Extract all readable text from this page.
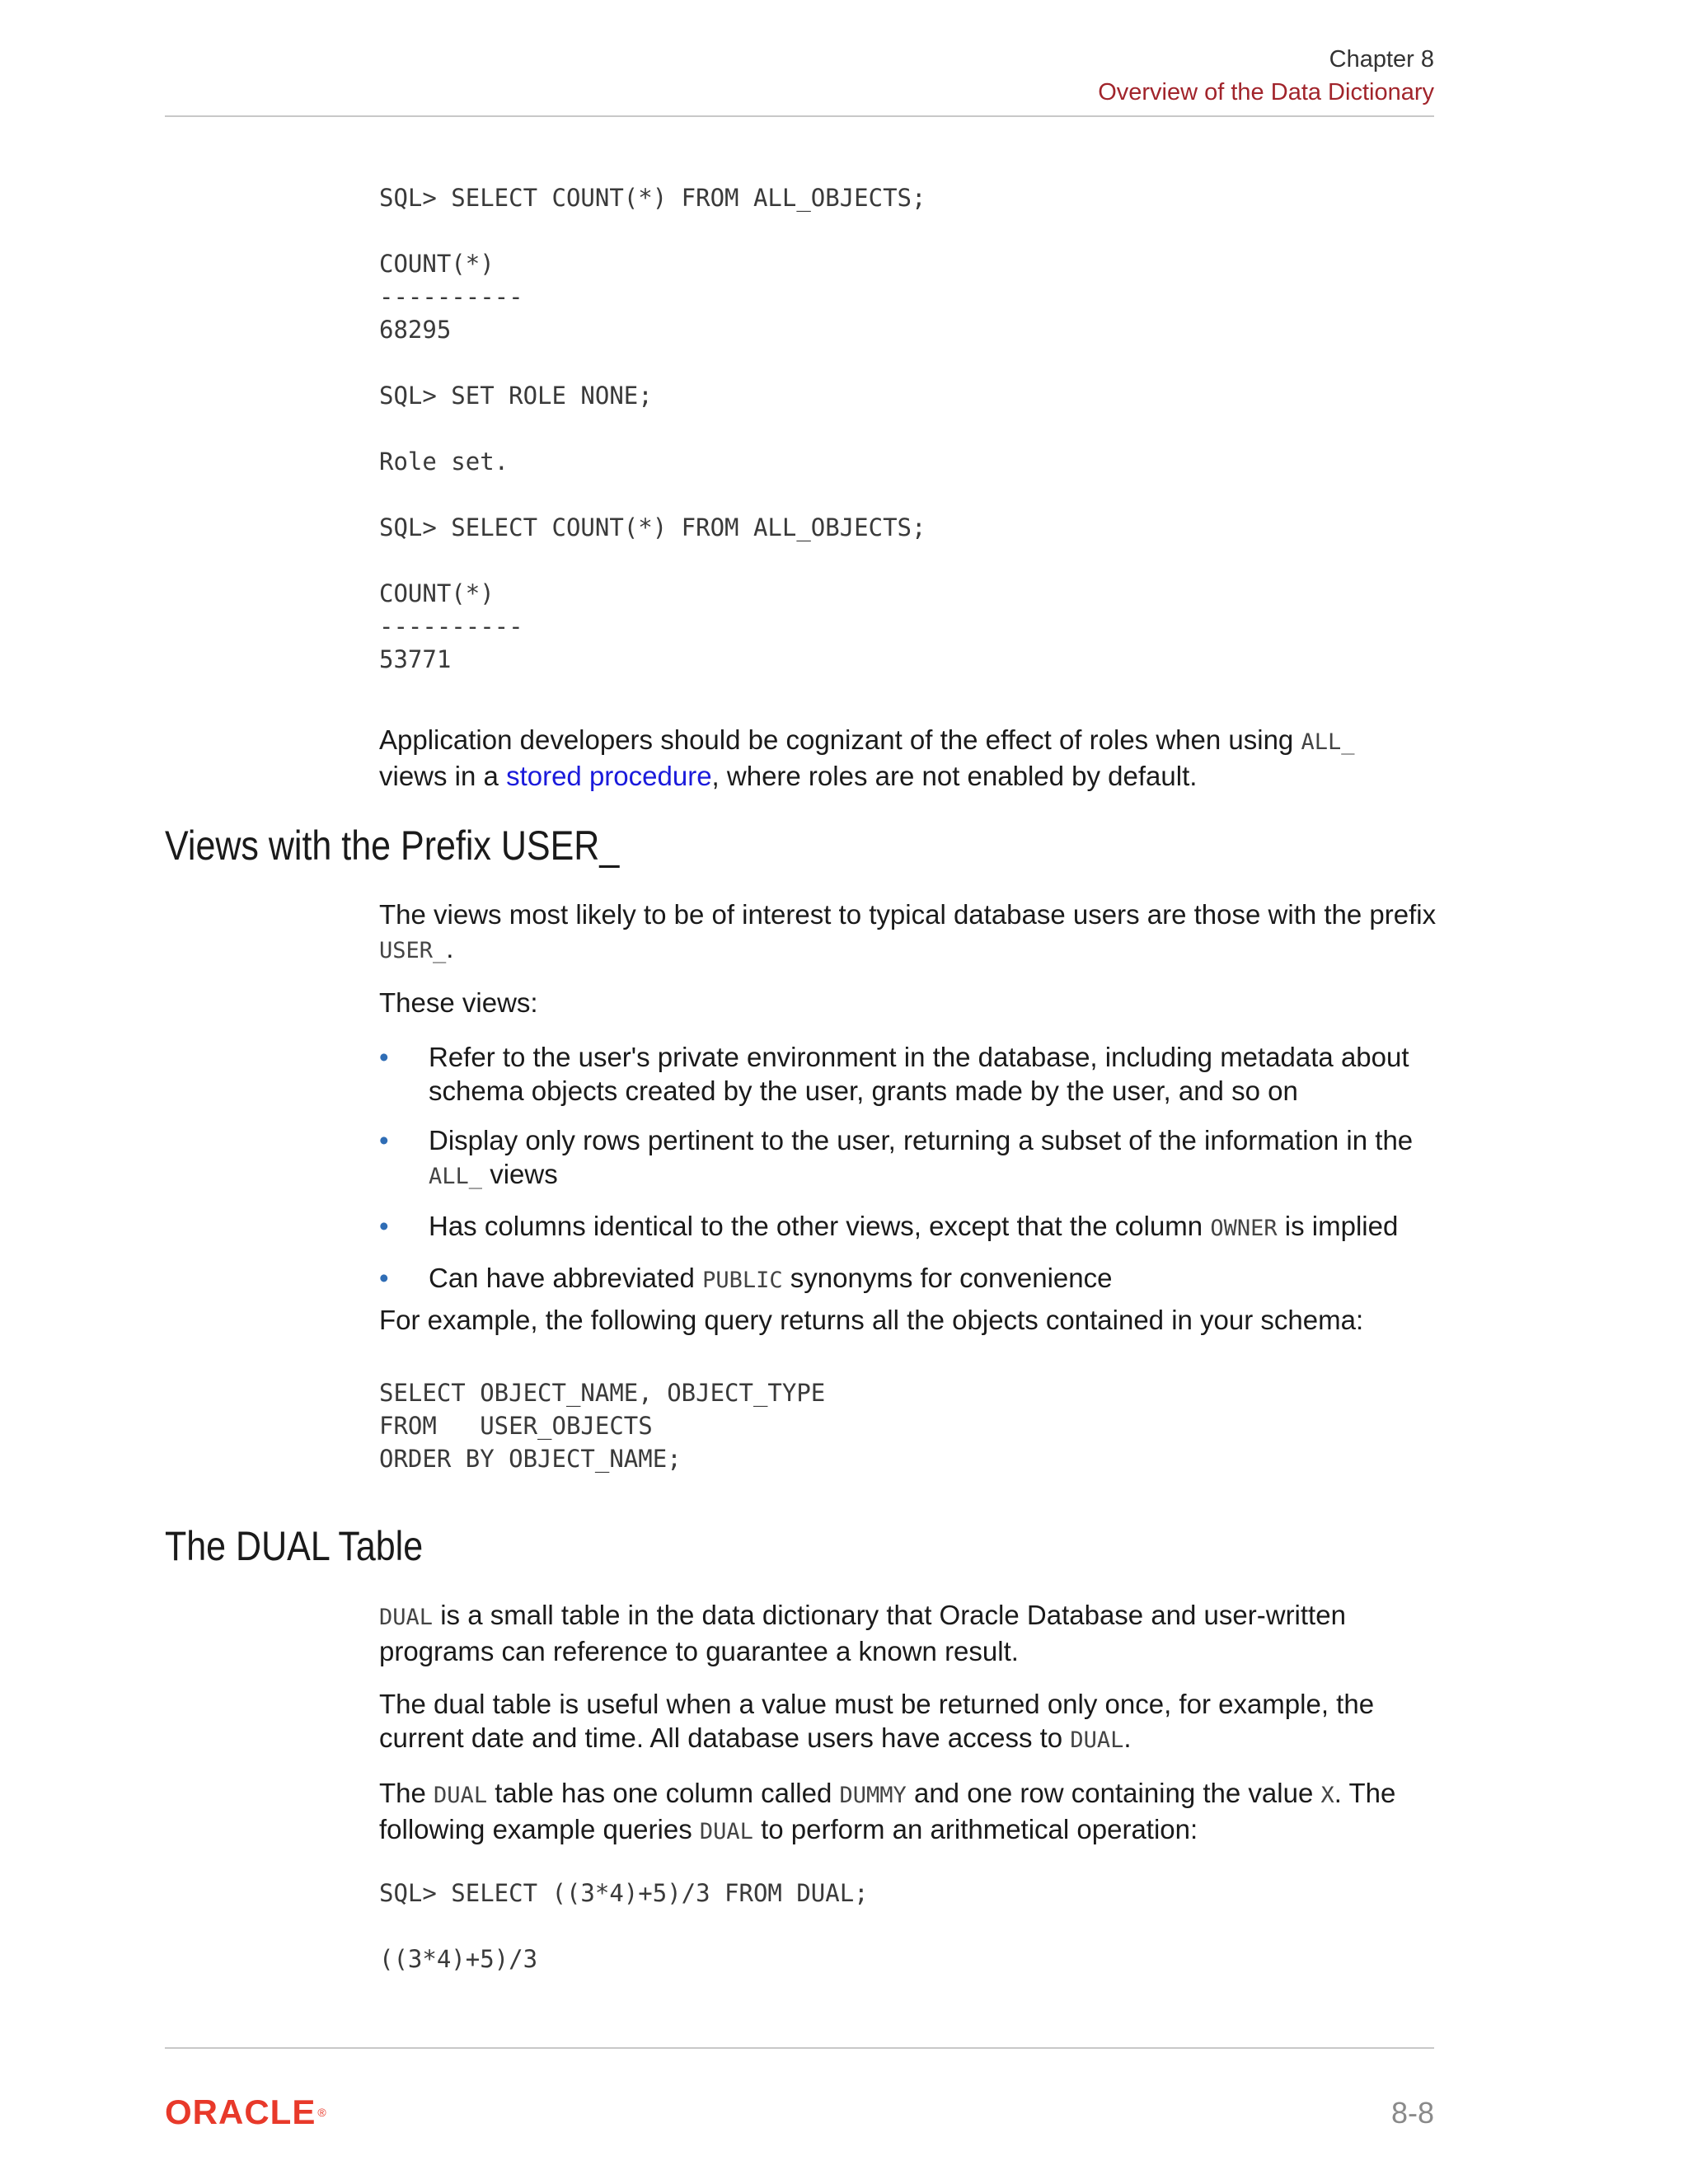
Chapter 8
Overview of the Data Dictionary
SQL> SELECT COUNT(*) FROM ALL_OBJECTS;

COUNT(*)
----------
68295

SQL> SET ROLE NONE;

Role set.

SQL> SELECT COUNT(*) FROM ALL_OBJECTS;

COUNT(*)
----------
53771

Application developers should be cognizant of the effect of roles when using ALL_
views in a stored procedure, where roles are not enabled by default.

Views with the Prefix USER_

The views most likely to be of interest to typical database users are those with the prefix USER_.

These views:

• Refer to the user's private environment in the database, including metadata about schema objects created by the user, grants made by the user, and so on
• Display only rows pertinent to the user, returning a subset of the information in the ALL_ views
• Has columns identical to the other views, except that the column OWNER is implied
• Can have abbreviated PUBLIC synonyms for convenience

For example, the following query returns all the objects contained in your schema:

SELECT OBJECT_NAME, OBJECT_TYPE
FROM   USER_OBJECTS
ORDER BY OBJECT_NAME;
The DUAL Table

DUAL is a small table in the data dictionary that Oracle Database and user-written programs can reference to guarantee a known result.

The dual table is useful when a value must be returned only once, for example, the current date and time. All database users have access to DUAL.

The DUAL table has one column called DUMMY and one row containing the value X. The following example queries DUAL to perform an arithmetical operation:

SQL> SELECT ((3*4)+5)/3 FROM DUAL;

((3*4)+5)/3
ORACLE ®	8-8
